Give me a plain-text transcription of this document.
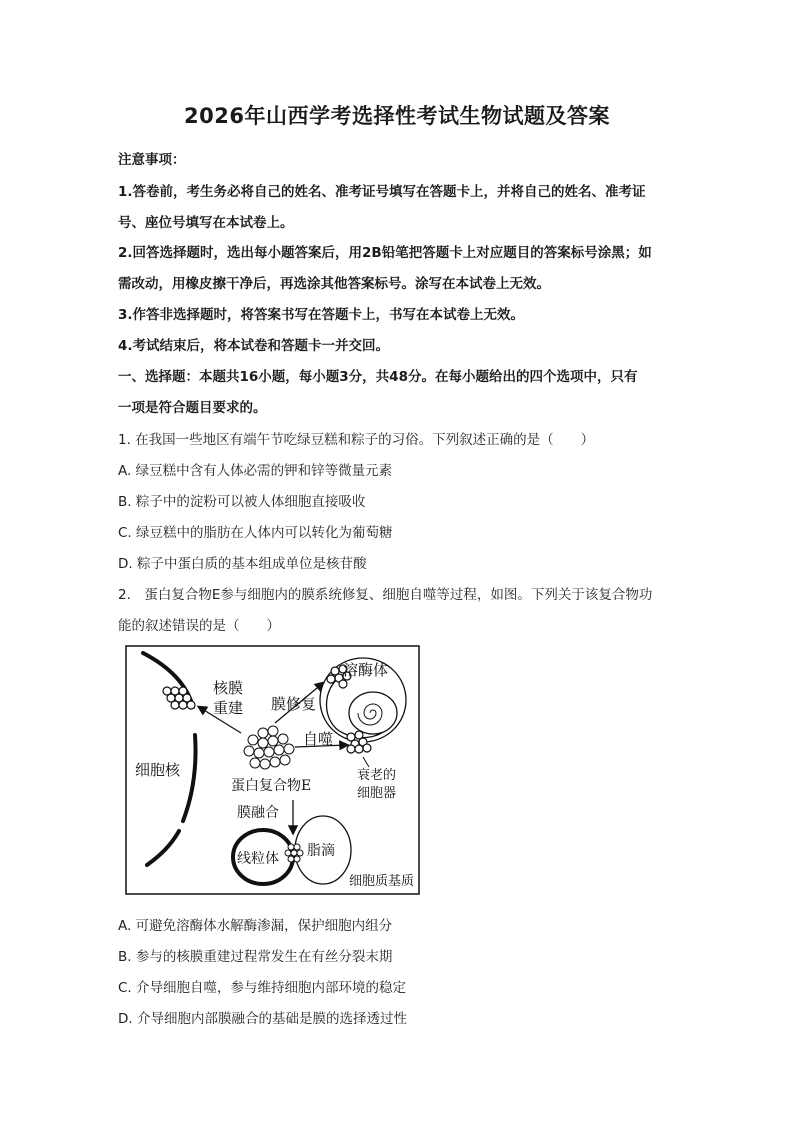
2026年山西学考选择性考试生物试题及答案
注意事项：
1.答卷前，考生务必将自己的姓名、准考证号填写在答题卡上，并将自己的姓名、准考证
号、座位号填写在本试卷上。
2.回答选择题时，选出每小题答案后，用2B铅笔把答题卡上对应题目的答案标号涂黑；如
需改动，用橡皮擦干净后，再选涂其他答案标号。涂写在本试卷上无效。
3.作答非选择题时，将答案书写在答题卡上，书写在本试卷上无效。
4.考试结束后，将本试卷和答题卡一并交回。
一、选择题：本题共16小题，每小题3分，共48分。在每小题给出的四个选项中，只有
一项是符合题目要求的。
1. 在我国一些地区有端午节吃绿豆糕和粽子的习俗。下列叙述正确的是（　　）
A. 绿豆糕中含有人体必需的钾和锌等微量元素
B. 粽子中的淀粉可以被人体细胞直接吸收
C. 绿豆糕中的脂肪在人体内可以转化为葡萄糖
D. 粽子中蛋白质的基本组成单位是核苷酸
2.　蛋白复合物E参与细胞内的膜系统修复、细胞自噬等过程，如图。下列关于该复合物功
能的叙述错误的是（　　）
细胞核
核膜
重建 膜修复
溶酶体
自噬
蛋白复合物E
衰老的
细胞器
膜融合
线粒体 脂滴
细胞质基质
A. 可避免溶酶体水解酶渗漏，保护细胞内组分
B. 参与的核膜重建过程常发生在有丝分裂末期
C. 介导细胞自噬，参与维持细胞内部环境的稳定
D. 介导细胞内部膜融合的基础是膜的选择透过性
